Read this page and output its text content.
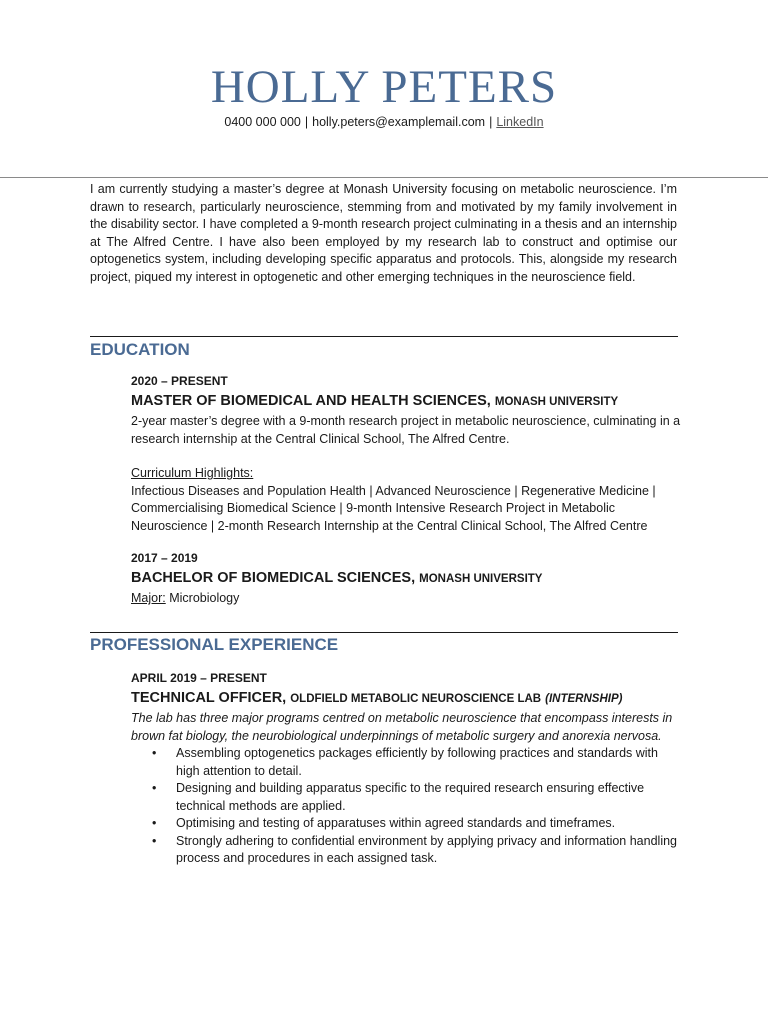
HOLLY PETERS
0400 000 000 | holly.peters@examplemail.com | LinkedIn
I am currently studying a master’s degree at Monash University focusing on metabolic neuroscience. I’m drawn to research, particularly neuroscience, stemming from and motivated by my family involvement in the disability sector. I have completed a 9-month research project culminating in a thesis and an internship at The Alfred Centre. I have also been employed by my research lab to construct and optimise our optogenetics system, including developing specific apparatus and protocols. This, alongside my research project, piqued my interest in optogenetic and other emerging techniques in the neuroscience field.
EDUCATION
2020 – PRESENT
MASTER OF BIOMEDICAL AND HEALTH SCIENCES, MONASH UNIVERSITY
2-year master’s degree with a 9-month research project in metabolic neuroscience, culminating in a research internship at the Central Clinical School, The Alfred Centre.
Curriculum Highlights:
Infectious Diseases and Population Health | Advanced Neuroscience | Regenerative Medicine | Commercialising Biomedical Science | 9-month Intensive Research Project in Metabolic Neuroscience | 2-month Research Internship at the Central Clinical School, The Alfred Centre
2017 – 2019
BACHELOR OF BIOMEDICAL SCIENCES, MONASH UNIVERSITY
Major: Microbiology
PROFESSIONAL EXPERIENCE
APRIL 2019 – PRESENT
TECHNICAL OFFICER, OLDFIELD METABOLIC NEUROSCIENCE LAB (INTERNSHIP)
The lab has three major programs centred on metabolic neuroscience that encompass interests in brown fat biology, the neurobiological underpinnings of metabolic surgery and anorexia nervosa.
• Assembling optogenetics packages efficiently by following practices and standards with high attention to detail.
• Designing and building apparatus specific to the required research ensuring effective technical methods are applied.
• Optimising and testing of apparatuses within agreed standards and timeframes.
• Strongly adhering to confidential environment by applying privacy and information handling process and procedures in each assigned task.
